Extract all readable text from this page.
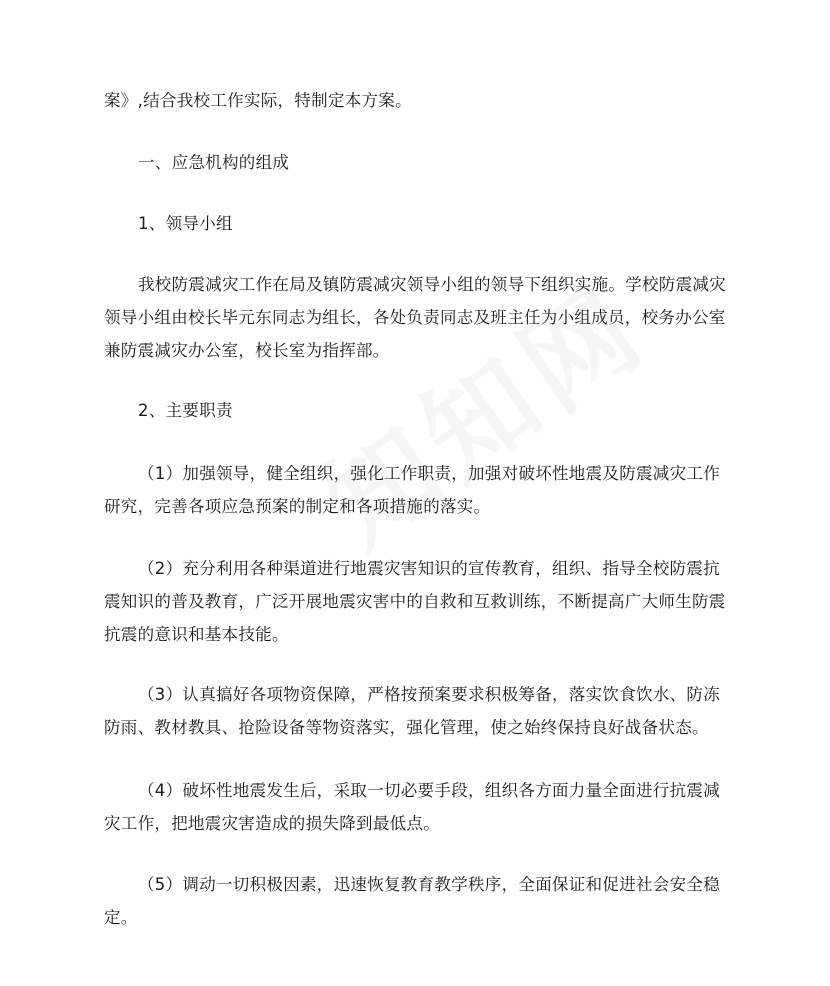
案》,结合我校工作实际，特制定本方案。

一、应急机构的组成

1、领导小组

我校防震减灾工作在局及镇防震减灾领导小组的领导下组织实施。学校防震减灾领导小组由校长毕元东同志为组长，各处负责同志及班主任为小组成员，校务办公室兼防震减灾办公室，校长室为指挥部。

2、主要职责

（1）加强领导，健全组织，强化工作职责，加强对破坏性地震及防震减灾工作研究，完善各项应急预案的制定和各项措施的落实。

（2）充分利用各种渠道进行地震灾害知识的宣传教育，组织、指导全校防震抗震知识的普及教育，广泛开展地震灾害中的自救和互救训练，不断提高广大师生防震抗震的意识和基本技能。

（3）认真搞好各项物资保障，严格按预案要求积极筹备，落实饮食饮水、防冻防雨、教材教具、抢险设备等物资落实，强化管理，使之始终保持良好战备状态。

（4）破坏性地震发生后，采取一切必要手段，组织各方面力量全面进行抗震减灾工作，把地震灾害造成的损失降到最低点。

（5）调动一切积极因素，迅速恢复教育教学秩序，全面保证和促进社会安全稳定。
